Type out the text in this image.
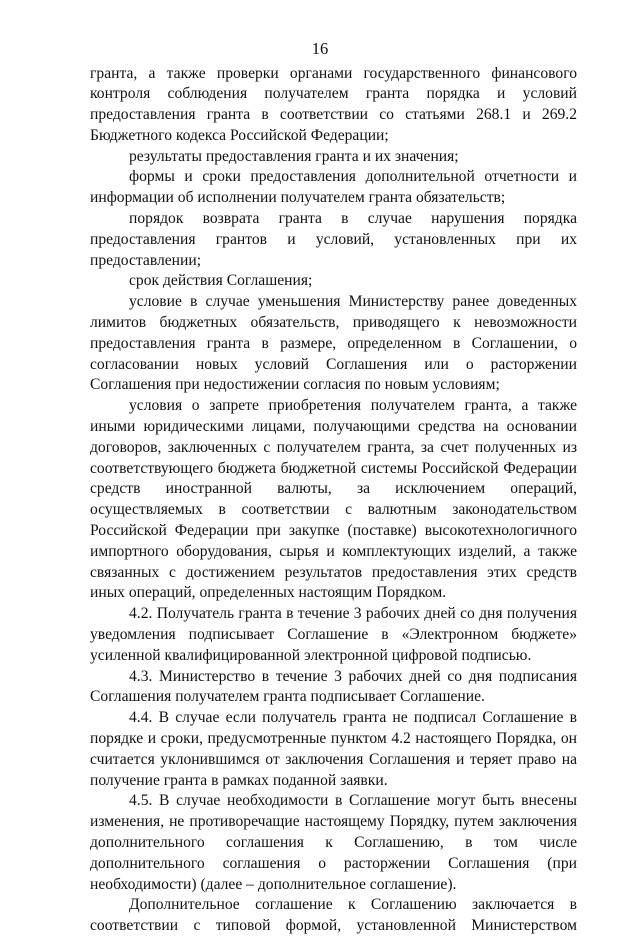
16

гранта, а также проверки органами государственного финансового контроля соблюдения получателем гранта порядка и условий предоставления гранта в соответствии со статьями 268.1 и 269.2 Бюджетного кодекса Российской Федерации;

результаты предоставления гранта и их значения;

формы и сроки предоставления дополнительной отчетности и информации об исполнении получателем гранта обязательств;

порядок возврата гранта в случае нарушения порядка предоставления грантов и условий, установленных при их предоставлении;

срок действия Соглашения;

условие в случае уменьшения Министерству ранее доведенных лимитов бюджетных обязательств, приводящего к невозможности предоставления гранта в размере, определенном в Соглашении, о согласовании новых условий Соглашения или о расторжении Соглашения при недостижении согласия по новым условиям;

условия о запрете приобретения получателем гранта, а также иными юридическими лицами, получающими средства на основании договоров, заключенных с получателем гранта, за счет полученных из соответствующего бюджета бюджетной системы Российской Федерации средств иностранной валюты, за исключением операций, осуществляемых в соответствии с валютным законодательством Российской Федерации при закупке (поставке) высокотехнологичного импортного оборудования, сырья и комплектующих изделий, а также связанных с достижением результатов предоставления этих средств иных операций, определенных настоящим Порядком.

4.2. Получатель гранта в течение 3 рабочих дней со дня получения уведомления подписывает Соглашение в «Электронном бюджете» усиленной квалифицированной электронной цифровой подписью.

4.3. Министерство в течение 3 рабочих дней со дня подписания Соглашения получателем гранта подписывает Соглашение.

4.4. В случае если получатель гранта не подписал Соглашение в порядке и сроки, предусмотренные пунктом 4.2 настоящего Порядка, он считается уклонившимся от заключения Соглашения и теряет право на получение гранта в рамках поданной заявки.

4.5. В случае необходимости в Соглашение могут быть внесены изменения, не противоречащие настоящему Порядку, путем заключения дополнительного соглашения к Соглашению, в том числе дополнительного соглашения о расторжении Соглашения (при необходимости) (далее – дополнительное соглашение).

Дополнительное соглашение к Соглашению заключается в соответствии с типовой формой, установленной Министерством
